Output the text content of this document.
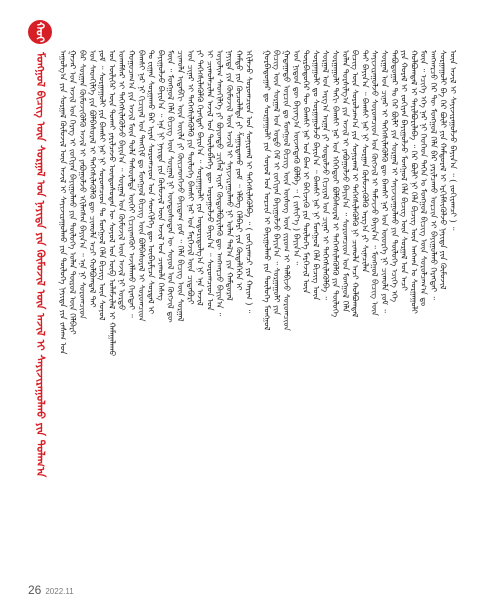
ᠬᠤᠢ
ᠮᠣᠩᠭᠣᠯ ᠪᠢᠴᠢᠭ ᠦᠨ ᠰᠤᠷᠭᠠᠯ ᠤᠨ ᠨᠡᠶᠢᠲᠡ ᠶᠢᠨ ᠬᠦᠮᠦᠵᠢᠯ ᠦᠨ ᠠᠵᠢᠯ ᠢ ᠰᠠᠶᠢᠵᠢᠷᠠᠭᠤᠯᠬᠤ ᠶᠢᠨ ᠲᠤᠯᠠᠭ᠎ᠠ	ᠠᠭᠤᠯᠭ᠎ᠠ ᠶᠢᠨ ᠰᠤᠷᠭᠠᠯ ᠬᠦᠮᠦᠵᠢᠯ ᠦᠨ ᠠᠵᠢᠯ ᠢ ᠰᠠᠶᠢᠵᠢᠷᠠᠭᠤᠯᠬᠤ ᠶᠢᠨ ᠲᠥᠯᠥᠭᠡ ᠨᠡᠶᠢᠲᠡ ᠶᠢᠨ ᠵᠠᠰᠠᠭ ᠤᠨ ᠭᠠᠵᠠᠷ ᠤᠨ ᠠᠵᠢᠯ ᠤᠨ ᠬᠡᠷᠡᠭ ᠢ ᠵᠣᠬᠢᠶᠠᠨ ᠪᠠᠶᠢᠭᠤᠯᠬᠤ ᠶᠢᠨ ᠲᠥᠯᠥᠭᠡ ᠣᠯᠠᠨ ᠲᠥᠷᠦᠯ ᠦᠨ ᠬᠡᠯᠪᠡᠷᠢ ᠪᠡᠷ ᠰᠤᠷᠭᠠᠨ ᠬᠦᠮᠦᠵᠢᠭᠦᠯᠬᠦ ᠠᠵᠢᠯ ᠢ ᠶᠠᠪᠤᠭᠤᠯᠵᠤ ᠡᠬᠢᠯᠡᠭᠰᠡᠨ ᠪᠠᠶᠢᠨ᠎ᠠ ᠃ ᠡᠨᠡ ᠨᠢ ᠰᠤᠷᠤᠭᠴᠢᠳ ᠤᠨ ᠰᠡᠳᠬᠢᠯᠭᠡ ᠶᠢᠨ ᠪᠣᠯᠪᠠᠰᠤᠷᠠᠯ ᠢ ᠳᠡᠭᠡᠭᠰᠢᠯᠡᠭᠦᠯᠬᠦ ᠳᠦ ᠴᠢᠬᠤᠯᠠ ᠠᠴᠢ ᠬᠣᠯᠪᠣᠭᠳᠠᠯ ᠲᠠᠶ ᠶᠤᠮ ᠃ ᠰᠤᠷᠭᠠᠭᠤᠯᠢ ᠶᠢᠨ ᠪᠠᠭᠰᠢ ᠨᠠᠷ ᠨᠢ ᠰᠤᠷᠤᠭᠴᠢᠳ ᠲᠤ ᠮᠣᠩᠭᠣᠯ ᠬᠡᠯᠡ ᠪᠢᠴᠢᠭ ᠦᠨ ᠰᠣᠶᠣᠯ ᠤᠨ ᠦᠯᠢᠭᠡᠷ ᠦᠨ ᠲᠤᠬᠠᠢ ᠶᠠᠷᠢᠯᠴᠠᠵᠤ ᠦᠨᠳᠦᠰᠦᠲᠡᠨ ᠦ ᠰᠣᠶᠣᠯ ᠤᠨ ᠦᠪ ᠤᠯᠠᠮᠵᠢᠯᠠᠯ ᠢ ᠬᠠᠮᠠᠭᠠᠯᠠᠬᠤ ᠤᠬᠠᠮᠰᠠᠷ ᠢ ᠳᠡᠭᠡᠭᠰᠢᠯᠡᠭᠦᠯᠵᠦ ᠪᠠᠶᠢᠨ᠎ᠠ ᠃ ᠰᠤᠷᠭᠠᠯ ᠤᠨ ᠬᠦᠮᠦᠵᠢᠯ ᠦᠨ ᠠᠵᠢᠯ ᠨᠢ ᠤᠷᠲᠤ ᠬᠤᠭᠤᠴᠠᠭ᠎ᠠ ᠶᠢᠨ ᠠᠵᠢᠯ ᠮᠥᠨ ᠲᠤᠯᠠ ᠲᠠᠰᠤᠷᠠᠯᠲᠠ ᠦᠭᠡᠢ ᠬᠢᠴᠢᠶᠡᠩᠭᠦᠢ ᠠᠵᠢᠯᠯᠠᠬᠤ ᠬᠡᠷᠡᠭᠲᠡᠢ ᠃ ᠪᠠᠭᠰᠢ ᠨᠠᠷ ᠨᠢ ᠬᠢᠴᠢᠶᠡᠯ ᠤᠨ ᠲᠠᠩᠬᠢᠮ ᠳᠤ ᠮᠣᠩᠭᠣᠯ ᠪᠢᠴᠢᠭ ᠦᠨ ᠪᠣᠯᠪᠠᠰᠤᠷᠠᠯ ᠢ ᠰᠤᠷᠤᠭᠴᠢᠳ ᠲᠤ ᠵᠢᠭᠠᠨ ᠰᠤᠷᠭᠠᠬᠤ ᠪᠠᠷ ᠢᠶᠠᠨ ᠰᠤᠷᠤᠭᠴᠢᠳ ᠤᠨ ᠰᠡᠳᠬᠢᠯᠭᠡ ᠳᠦ ᠥᠪᠡᠷᠮᠢᠴᠡ ᠰᠤᠷᠲᠠᠯ ᠢ ᠪᠠᠶᠢᠭᠤᠯᠵᠤ ᠪᠠᠶᠢᠨ᠎ᠠ ᠃ ᠡᠨᠡ ᠨᠢ ᠨᠡᠶᠢᠲᠡ ᠶᠢᠨ ᠬᠦᠮᠦᠵᠢᠯ ᠦᠨ ᠠᠵᠢᠯ ᠤᠨ ᠴᠢᠬᠤᠯᠠ ᠬᠡᠰᠡᠭ ᠮᠥᠨ ᠃ ᠮᠣᠩᠭᠣᠯ ᠬᠡᠯᠡ ᠪᠢᠴᠢᠭ ᠦᠨ ᠰᠤᠷᠭᠠᠯ ᠨᠢ ᠦᠨᠳᠦᠰᠦᠲᠡᠨ ᠦ ᠰᠣᠶᠣᠯ ᠤᠨ ᠬᠥᠭᠵᠢᠯ ᠳᠦ ᠴᠢᠬᠤᠯᠠ ᠢᠳᠡᠪᠬᠢ ᠦᠨ ᠦᠢᠯᠡ ᠶᠢ ᠭᠦᠢᠴᠡᠳᠬᠡᠵᠦ ᠪᠠᠶᠢᠳᠠᠭ ᠶᠤᠮ ᠃ ᠬᠡᠯᠡ ᠪᠢᠴᠢᠭ ᠦᠨ ᠰᠤᠷᠭᠠᠯ ᠤᠨ ᠴᠢᠨᠠᠷ ᠢ ᠳᠡᠭᠡᠭᠰᠢᠯᠡᠭᠦᠯᠬᠦ ᠶᠢᠨ ᠲᠥᠯᠥᠭᠡ ᠪᠠᠭᠰᠢ ᠨᠠᠷ ᠤᠨ ᠮᠡᠷᠭᠡᠵᠢᠯ ᠦᠨ ᠴᠢᠳᠠᠪᠤᠷᠢ ᠶᠢ ᠳᠡᠭᠡᠭᠰᠢᠯᠡᠭᠦᠯᠬᠦ ᠬᠡᠷᠡᠭᠲᠡᠢ ᠪᠠᠶᠢᠨ᠎ᠠ ᠃ ᠰᠤᠷᠭᠠᠭᠤᠯᠢ ᠶᠢᠨ ᠤᠳᠤᠷᠢᠳᠤᠯᠭ᠎ᠠ ᠨᠢ ᠡᠨᠡ ᠠᠵᠢᠯ ᠢ ᠴᠢᠬᠤᠯᠠᠴᠢᠯᠠᠨ ᠠᠵᠢᠯ ᠤᠨ ᠲᠥᠯᠥᠪᠯᠡᠭᠡ ᠳᠦ ᠣᠷᠣᠭᠤᠯᠵᠤ ᠪᠠᠶᠢᠨ᠎ᠠ ᠃ ᠰᠤᠷᠤᠭᠴᠢᠳ ᠤᠨ ᠤᠶᠤᠯᠢᠭ ᠰᠡᠳᠬᠢᠯᠭᠡ ᠶᠢ ᠪᠤᠶᠤᠨᠲᠤ ᠴᠢᠭᠯᠡᠯ ᠢᠶᠡᠷ ᠬᠥᠲᠥᠯᠪᠦᠷᠢᠯᠡᠬᠦ ᠳᠦ ᠠᠩᠬᠠᠷᠴᠤ ᠪᠠᠶᠢᠨ᠎ᠠ ᠃ ᠨᠡᠶᠢᠲᠡ ᠶᠢᠨ ᠬᠦᠮᠦᠵᠢᠯ ᠦᠨ ᠠᠵᠢᠯ ᠢ ᠰᠠᠶᠢᠵᠢᠷᠠᠭᠤᠯᠬᠤ ᠨᠢ ᠣᠯᠠᠨ ᠲᠠᠯ᠎ᠠ ᠶᠢᠨ ᠬᠠᠮᠲᠤᠷᠠᠯ ᠬᠠᠮᠲᠤ ᠶᠢᠨ ᠬᠦᠴᠦᠯᠡᠯᠲᠡ ᠶᠢ ᠱᠠᠭᠠᠷᠳᠠᠬᠤ ᠶᠤᠮ ᠃ ᠡᠯᠪᠡᠭ ᠬᠡᠯᠪᠡᠷᠢ ᠶᠢᠨ ᠬᠥᠳᠡᠯᠭᠡᠭᠡᠨ ᠢ ᠡᠬᠢᠯᠡᠵᠦ ᠰᠤᠷᠤᠭᠴᠢᠳ ᠤᠨ ᠰᠣᠨᠢᠷᠬᠠᠯ ᠢ ᠳᠡᠭᠡᠭᠰᠢᠯᠡᠭᠦᠯᠪᠡ ᠃ ( ᠵᠣᠬᠢᠶᠠᠭᠴᠢ ᠶᠢᠨ ᠬᠠᠶᠢᠭ ) ᠃ ᠭᠤᠷᠪᠠᠳᠤᠭᠠᠷ ᠳᠤ ᠰᠤᠷᠭᠠᠭᠤᠯᠢ ᠶᠢᠨ ᠰᠣᠶᠣᠯ ᠤᠨ ᠣᠷᠴᠢᠨ ᠢ ᠪᠠᠶᠢᠭᠤᠯᠬᠤ ᠶᠢᠨ ᠲᠥᠯᠥᠭᠡ ᠮᠣᠩᠭᠣᠯ ᠪᠢᠴᠢᠭ ᠦᠨ ᠰᠤᠷᠭᠠᠯ ᠤᠨ ᠣᠳᠣ ᠬᠡᠮ ᠢ ᠵᠣᠬᠢᠶᠠᠨ ᠪᠠᠶᠢᠭᠤᠯᠵᠤ ᠪᠠᠶᠢᠨ᠎ᠠ ᠃ ᠰᠤᠷᠭᠠᠭᠤᠯᠢ ᠶᠢᠨ ᠭᠠᠳᠠᠭᠠᠳᠤ ᠣᠷᠴᠢᠨ ᠳᠤ ᠮᠣᠩᠭᠣᠯ ᠪᠢᠴᠢᠭ ᠦᠨ ᠦᠰᠦᠭ ᠦᠨ ᠵᠢᠷᠤᠭ ᠢ ᠲᠠᠯᠪᠢᠵᠤ ᠰᠤᠷᠤᠭᠴᠢᠳ ᠤᠨ ᠨᠢᠳᠦᠨ ᠳᠦ ᠪᠠᠶᠢᠨᠭ᠎ᠠ ᠦᠵᠡᠭᠳᠡᠬᠦ ᠪᠣᠯᠪᠠ ᠃ ( ᠵᠢᠱᠢᠶ᠎ᠡ ) ᠪᠠᠶᠢᠨ᠎ᠠ ᠃ ᠳᠥᠷᠪᠡᠳᠦᠭᠡᠷ ᠲᠦ ᠪᠠᠭᠰᠢ ᠨᠠᠷ ᠤᠨ ᠪᠠᠭ ᠢ ᠪᠡᠬᠢᠵᠢᠬᠦ ᠶᠢᠨ ᠲᠥᠯᠥᠭᠡ ᠮᠡᠷᠭᠡᠵᠢᠯ ᠦᠨ ᠰᠤᠷᠭᠠᠭᠤᠯᠢ ᠳᠤ ᠰᠤᠷᠭᠠᠭᠤᠯᠵᠤ ᠪᠠᠶᠢᠨ᠎ᠠ ᠃ ᠪᠠᠭᠰᠢ ᠨᠠᠷ ᠨᠢ ᠮᠣᠩᠭᠣᠯ ᠬᠡᠯᠡ ᠪᠢᠴᠢᠭ ᠦᠨ ᠰᠤᠷᠭᠠᠯ ᠤᠨ ᠠᠷᠭ᠎ᠠ ᠠᠷᠭᠠ ᠶᠢ ᠰᠤᠳᠤᠯᠵᠤ ᠬᠢᠴᠢᠶᠡᠯ ᠤᠨ ᠴᠢᠨᠠᠷ ᠢ ᠳᠡᠭᠡᠭᠰᠢᠯᠡᠭᠦᠯᠪᠡ ᠃ ᠰᠤᠷᠭᠠᠭᠤᠯᠢ ᠳᠠᠬᠢ ᠪᠠᠭᠰᠢ ᠨᠠᠷ ᠤᠨ ᠡᠭᠡᠭᠡᠳᠦᠢ ᠪᠣᠯᠪᠠᠰᠤᠷᠠᠯ ᠢ ᠳᠡᠭᠡᠭᠰᠢᠯᠡᠭᠦᠯᠬᠦ ᠶᠢᠨ ᠲᠥᠯᠥᠭᠡ ᠣᠯᠠᠨ ᠲᠤᠷᠰᠢᠯᠭ᠎ᠠ ᠶᠢᠨ ᠠᠵᠢᠯ ᠢ ᠶᠠᠪᠤᠭᠤᠯᠵᠤ ᠪᠠᠶᠢᠨ᠎ᠠ ᠃ ᠰᠤᠷᠤᠭᠴᠢᠳ ᠤᠨ ᠮᠣᠩᠭᠣᠯ ᠬᠡᠯᠡ ᠪᠢᠴᠢᠭ ᠦᠨ ᠰᠤᠷᠤᠯᠴᠠᠭ᠎ᠠ ᠶᠢᠨ ᠰᠣᠨᠢᠷᠬᠠᠯ ᠢ ᠳᠡᠭᠡᠭᠰᠢᠯᠡᠭᠦᠯᠬᠦ ᠨᠢ ᠴᠢᠬᠤᠯᠠ ᠠᠴᠢ ᠬᠣᠯᠪᠣᠭᠳᠠᠯ ᠲᠠᠶ ᠪᠠᠶᠢᠨ᠎ᠠ ᠃ ᠪᠠᠭᠰᠢ ᠨᠠᠷ ᠨᠢ ᠰᠤᠷᠭᠠᠨ ᠬᠦᠮᠦᠵᠢᠭᠦᠯᠬᠦ ᠠᠷᠭ᠎ᠠ ᠶᠢ ᠰᠢᠨᠡᠴᠢᠯᠡᠨ ᠰᠠᠶᠢᠵᠢᠷᠠᠭᠤᠯᠵᠤ ᠰᠤᠷᠤᠭᠴᠢᠳ ᠤᠨ ᠬᠥᠭᠵᠢᠯ ᠢ ᠳᠡᠮᠵᠢᠵᠦ ᠪᠠᠶᠢᠨ᠎ᠠ ᠃ ᠮᠣᠩᠭᠣᠯ ᠪᠢᠴᠢᠭ ᠦᠨ ᠰᠤᠷᠭᠠᠯ ᠤᠨ ᠴᠢᠨᠠᠷ ᠢ ᠳᠡᠭᠡᠭᠰᠢᠯᠡᠭᠦᠯᠬᠦ ᠳᠦ ᠪᠠᠭᠰᠢ ᠨᠠᠷ ᠤᠨ ᠦᠦᠷᠭᠡ ᠨᠢ ᠴᠢᠬᠤᠯᠠ ᠶᠤᠮ ᠃ ᠲᠠᠪᠤᠳᠤᠭᠠᠷ ᠲᠤ ᠭᠡᠷ ᠪᠦᠯᠢ ᠶᠢᠨ ᠰᠤᠷᠭᠠᠯ ᠢ ᠰᠠᠶᠢᠵᠢᠷᠠᠭᠤᠯᠬᠤ ᠶᠢᠨ ᠲᠥᠯᠥᠭᠡ ᠡᠴᠢᠭᠡ ᠡᠬᠡ ᠶᠢᠨ ᠬᠤᠷᠠᠯ ᠢ ᠵᠣᠬᠢᠶᠠᠨ ᠪᠠᠶᠢᠭᠤᠯᠵᠤ ᠮᠣᠩᠭᠣᠯ ᠬᠡᠯᠡ ᠪᠢᠴᠢᠭ ᠦᠨ ᠰᠤᠷᠭᠠᠯ ᠤᠨ ᠠᠴᠢ ᠬᠣᠯᠪᠣᠭᠳᠠᠯ ᠢ ᠲᠠᠶᠢᠯᠪᠤᠷᠢᠯᠠᠪᠠ ᠃ ᠭᠡᠷ ᠪᠦᠯᠢ ᠨᠢ ᠬᠡᠯᠡ ᠪᠢᠴᠢᠭ ᠦᠨ ᠠᠩᠬᠠᠨ ᠤ ᠰᠤᠷᠭᠠᠭᠤᠯᠢ ᠮᠥᠨ ᠃ ᠡᠴᠢᠭᠡ ᠡᠬᠡ ᠨᠠᠷ ᠨᠢ ᠬᠡᠦᠬᠡᠳ ᠲᠡᠭᠡᠨ ᠤ ᠮᠣᠩᠭᠣᠯ ᠪᠢᠴᠢᠭ ᠦᠨ ᠰᠤᠷᠤᠯᠴᠠᠭ᠎ᠠ ᠳᠤ ᠠᠩᠬᠠᠷᠴᠤ ᠭᠡᠷ ᠲᠦ ᠮᠣᠩᠭᠣᠯ ᠬᠡᠯᠡ ᠪᠡᠷ ᠶᠠᠷᠢᠯᠴᠠᠬᠤ ᠤᠷᠴᠢᠨ ᠢ ᠪᠠᠶᠢᠭᠤᠯᠬᠤ ᠬᠡᠷᠡᠭᠲᠡᠢ ᠃ ᠰᠤᠷᠭᠠᠭᠤᠯᠢ ᠪᠠ ᠭᠡᠷ ᠪᠦᠯᠢ ᠶᠢᠨ ᠬᠠᠮᠲᠤᠷᠠᠯ ᠢ ᠡᠷᠬᠢᠮᠰᠢᠭᠦᠯᠵᠦ ᠨᠡᠶᠢᠲᠡ ᠶᠢᠨ ᠬᠦᠮᠦᠵᠢᠯ ᠦᠨ ᠠᠵᠢᠯ ᠢ ᠰᠠᠶᠢᠵᠢᠷᠠᠭᠤᠯᠵᠤ ᠪᠠᠶᠢᠨ᠎ᠠ ᠃ ( ᠵᠣᠬᠢᠶᠠᠭᠴᠢ ) ᠃
26 2022.11
